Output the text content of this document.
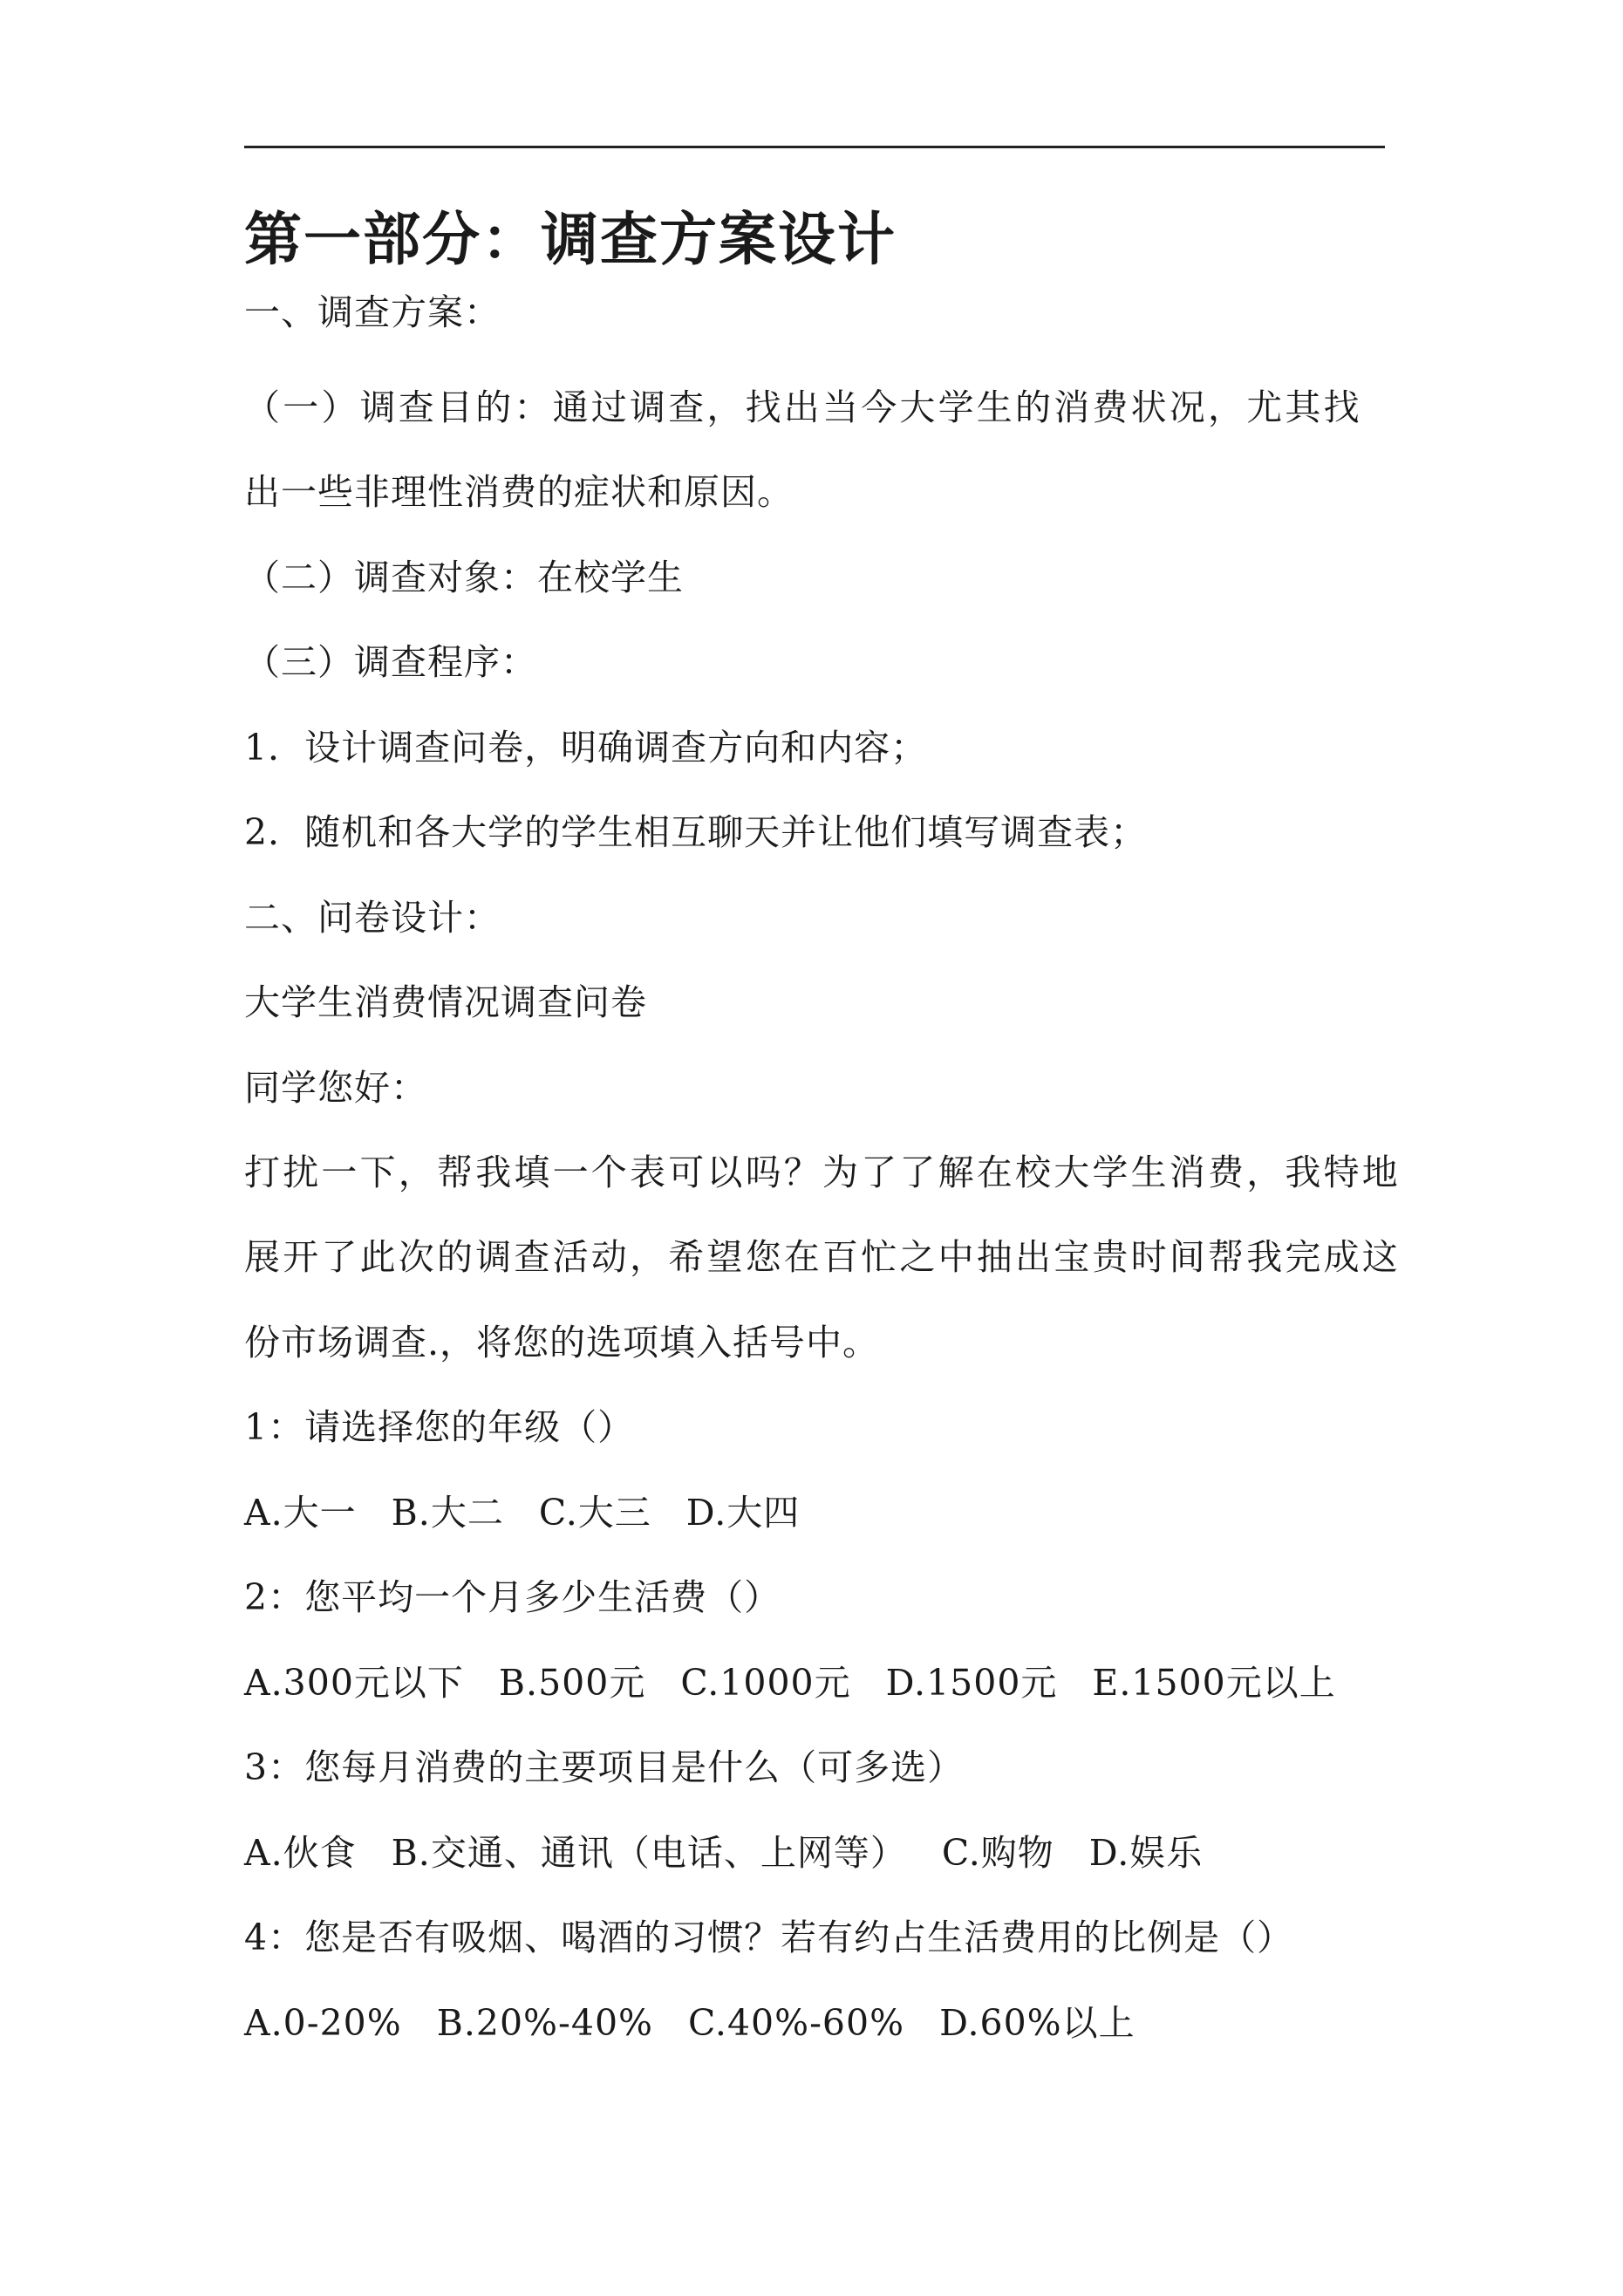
第一部分：调查方案设计
一、调查方案：
（一）调查目的：通过调查，找出当今大学生的消费状况，尤其找
出一些非理性消费的症状和原因。
（二）调查对象：在校学生
（三）调查程序：
1．设计调查问卷，明确调查方向和内容；
2．随机和各大学的学生相互聊天并让他们填写调查表；
二、问卷设计：
大学生消费情况调查问卷
同学您好：
打扰一下，帮我填一个表可以吗？为了了解在校大学生消费，我特地
展开了此次的调查活动，希望您在百忙之中抽出宝贵时间帮我完成这
份市场调查.，将您的选项填入括号中。
1：请选择您的年级（）
A.大一 B.大二 C.大三 D.大四
2：您平均一个月多少生活费（）
A.300元以下 B.500元 C.1000元 D.1500元 E.1500元以上
3：您每月消费的主要项目是什么（可多选）
A.伙食 B.交通、通讯（电话、上网等） C.购物 D.娱乐
4：您是否有吸烟、喝酒的习惯？若有约占生活费用的比例是（）
A.0-20% B.20%-40% C.40%-60% D.60%以上
